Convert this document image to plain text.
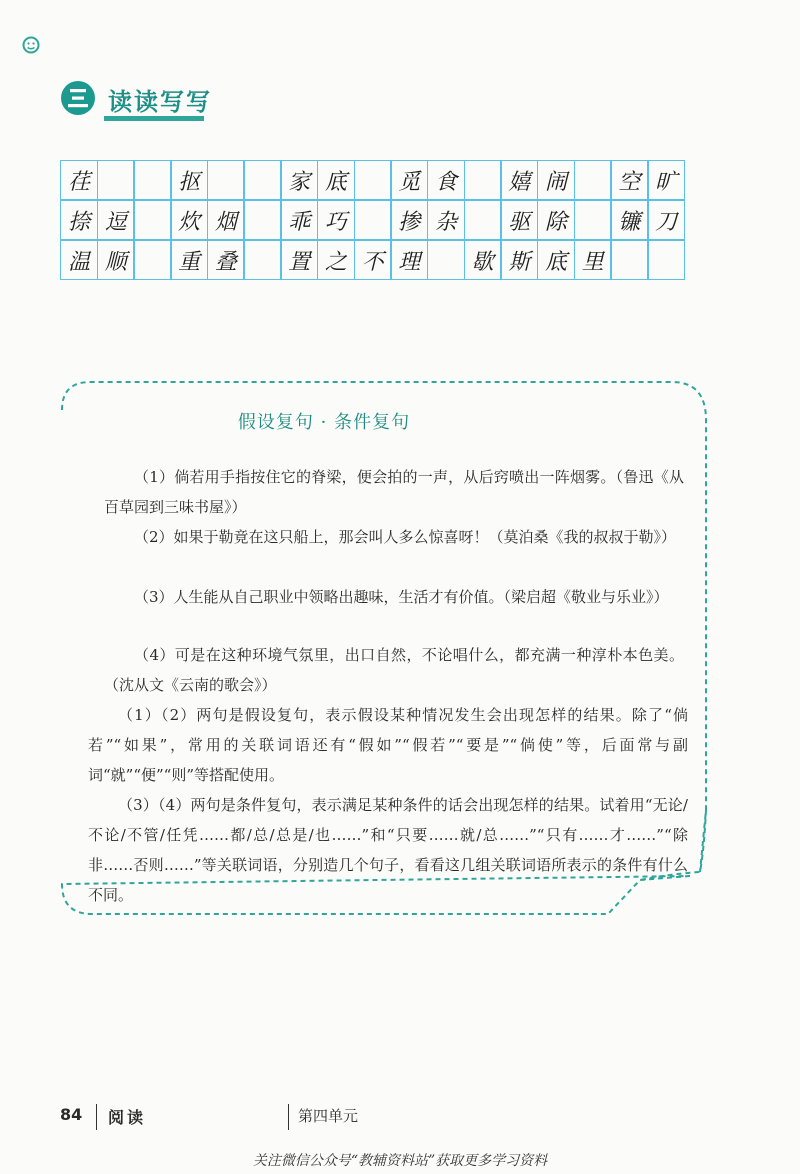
读读写写
荏	抠	家 底	觅 食	嬉 闹	空 旷
捺 逗	炊 烟	乖 巧	掺 杂	驱 除	镰 刀
温 顺	重 叠	置 之 不 理	歇 斯 底 里
假设复句 · 条件复句
（1）倘若用手指按住它的脊梁，便会拍的一声，从后窍喷出一阵烟雾。（鲁迅《从百草园到三味书屋》）
（2）如果于勒竟在这只船上，那会叫人多么惊喜呀！（莫泊桑《我的叔叔于勒》）
（3）人生能从自己职业中领略出趣味，生活才有价值。（梁启超《敬业与乐业》）
（4）可是在这种环境气氛里，出口自然，不论唱什么，都充满一种淳朴本色美。（沈从文《云南的歌会》）
（1）（2）两句是假设复句，表示假设某种情况发生会出现怎样的结果。除了“倘若”“如果”，常用的关联词语还有“假如”“假若”“要是”“倘使”等，后面常与副词“就”“便”“则”等搭配使用。
（3）（4）两句是条件复句，表示满足某种条件的话会出现怎样的结果。试着用“无论/不论/不管/任凭……都/总/总是/也……”和“只要……就/总……”“只有……才……”“除非……否则……”等关联词语，分别造几个句子，看看这几组关联词语所表示的条件有什么不同。
84 阅读	第四单元
关注微信公众号“教辅资料站”获取更多学习资料
